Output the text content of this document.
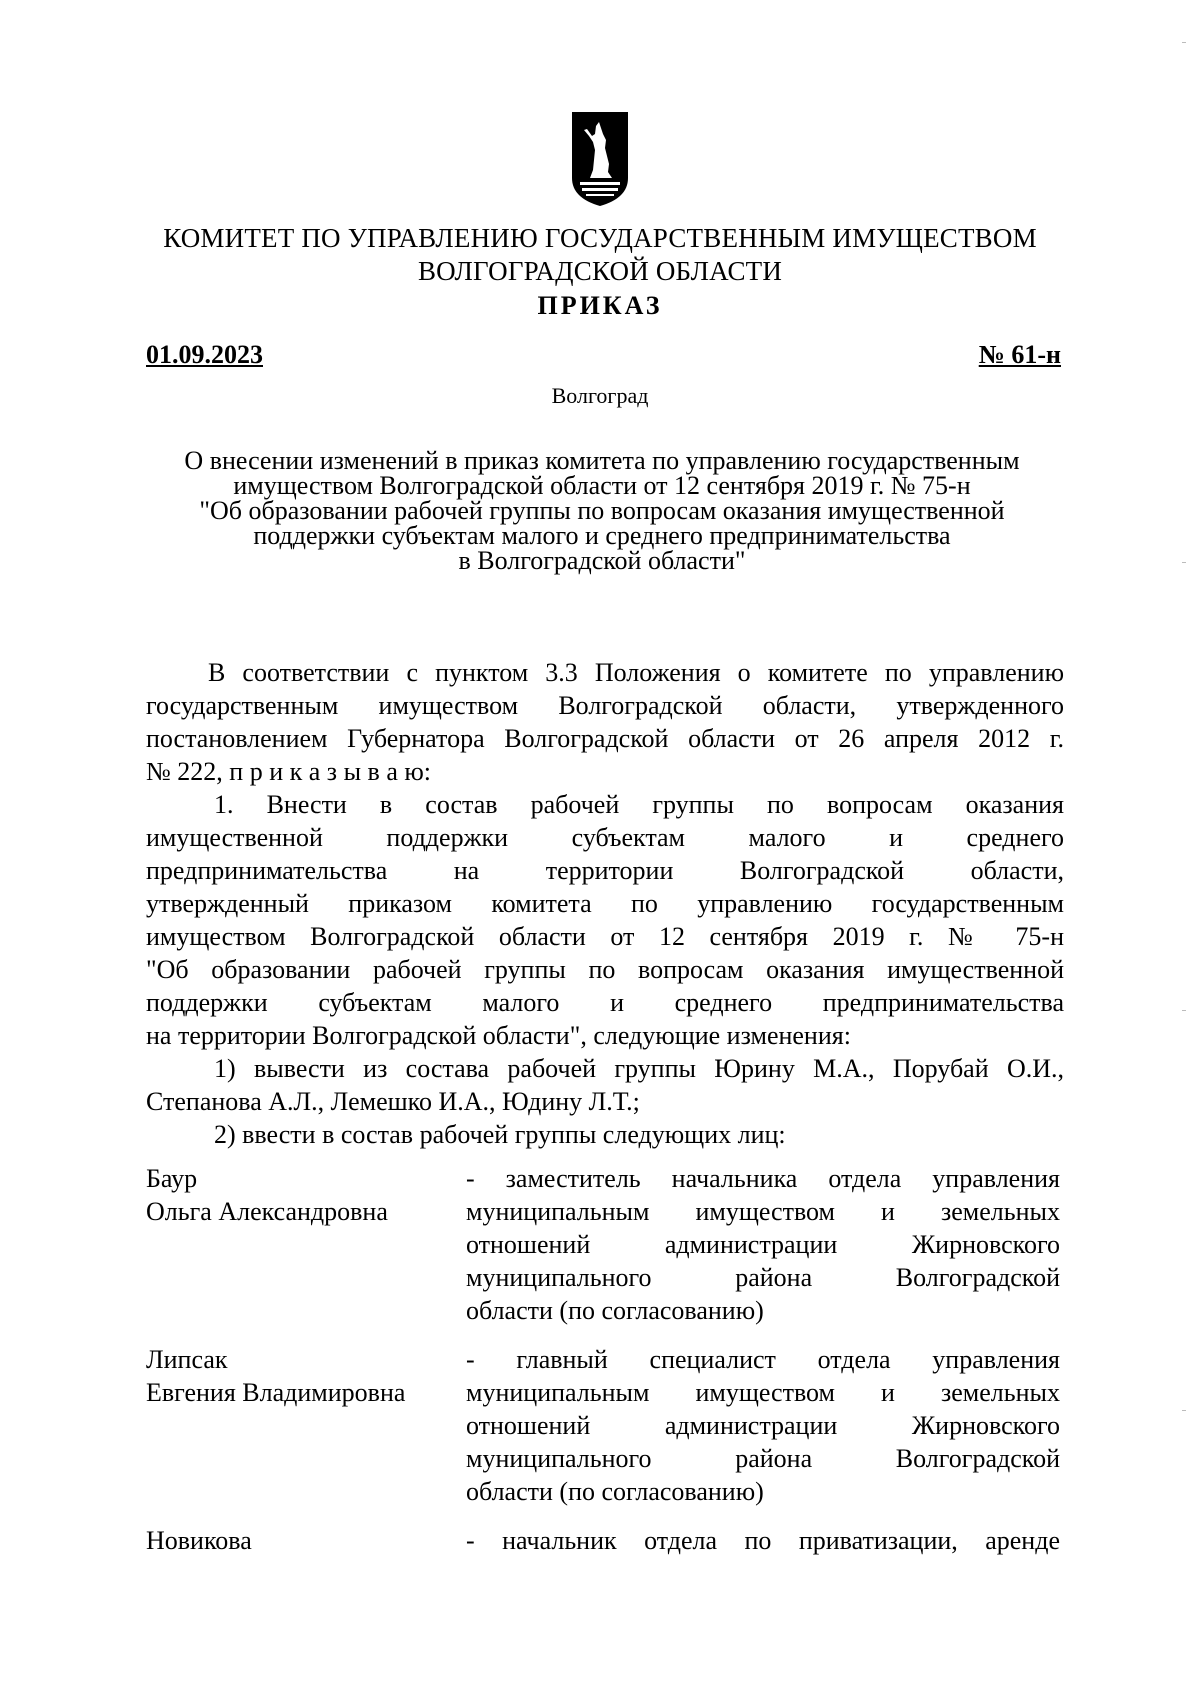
КОМИТЕТ ПО УПРАВЛЕНИЮ ГОСУДАРСТВЕННЫМ ИМУЩЕСТВОМ
ВОЛГОГРАДСКОЙ ОБЛАСТИ
ПРИКАЗ
01.09.2023	№ 61-н
Волгоград
О внесении изменений в приказ комитета по управлению государственным
имуществом Волгоградской области от 12 сентября 2019 г. № 75-н
"Об образовании рабочей группы по вопросам оказания имущественной
поддержки субъектам малого и среднего предпринимательства
в Волгоградской области"
В соответствии с пунктом 3.3 Положения о комитете по управлению
государственным имуществом Волгоградской области, утвержденного
постановлением Губернатора Волгоградской области от 26 апреля 2012 г.
№ 222, п р и к а з ы в а ю:
1. Внести в состав рабочей группы по вопросам оказания
имущественной поддержки субъектам малого и среднего
предпринимательства на территории Волгоградской области,
утвержденный приказом комитета по управлению государственным
имуществом Волгоградской области от 12 сентября 2019 г. № 75-н
"Об образовании рабочей группы по вопросам оказания имущественной
поддержки субъектам малого и среднего предпринимательства
на территории Волгоградской области", следующие изменения:
1) вывести из состава рабочей группы Юрину М.А., Порубай О.И.,
Степанова А.Л., Лемешко И.А., Юдину Л.Т.;
2) ввести в состав рабочей группы следующих лиц:
Баур
Ольга Александровна
- заместитель начальника отдела управления
муниципальным имуществом и земельных
отношений администрации Жирновского
муниципального района Волгоградской
области (по согласованию)
Липсак
Евгения Владимировна
- главный специалист отдела управления
муниципальным имуществом и земельных
отношений администрации Жирновского
муниципального района Волгоградской
области (по согласованию)
Новикова	- начальник отдела по приватизации, аренде
